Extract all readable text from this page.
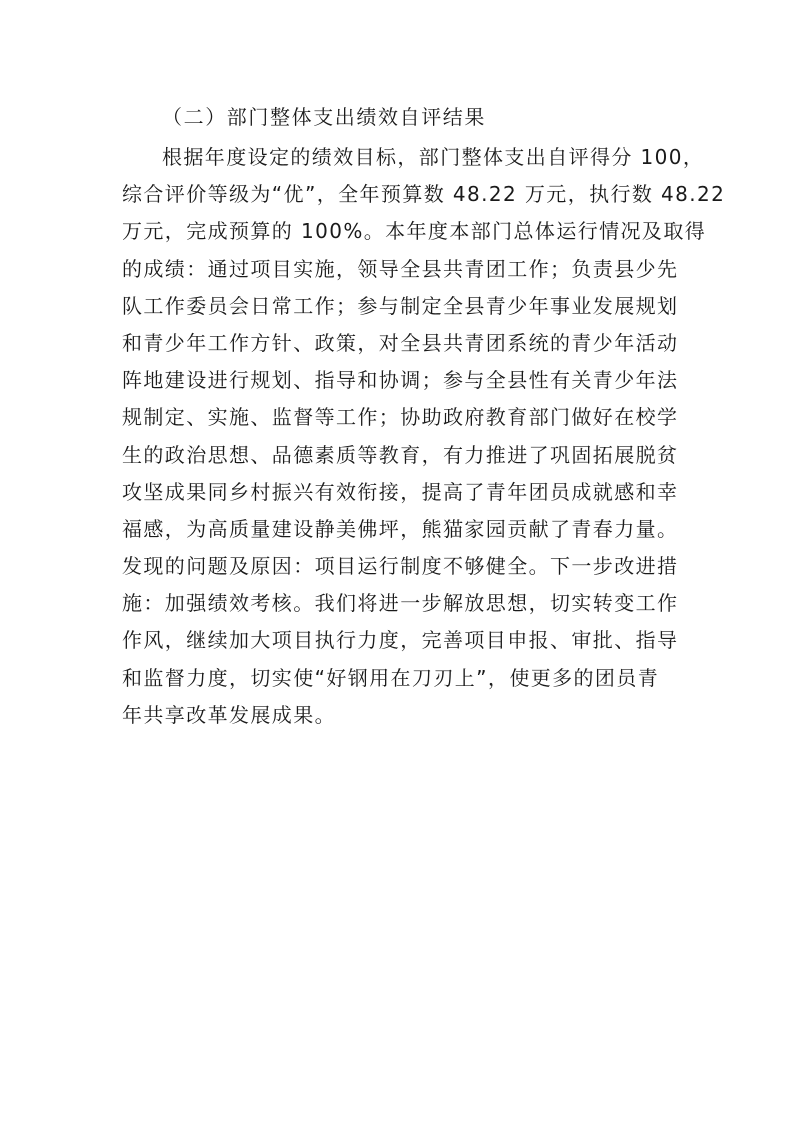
（二）部门整体支出绩效自评结果
根据年度设定的绩效目标，部门整体支出自评得分 100，
综合评价等级为“优”，全年预算数 48.22 万元，执行数 48.22
万元，完成预算的 100%。本年度本部门总体运行情况及取得
的成绩：通过项目实施，领导全县共青团工作；负责县少先
队工作委员会日常工作；参与制定全县青少年事业发展规划
和青少年工作方针、政策，对全县共青团系统的青少年活动
阵地建设进行规划、指导和协调；参与全县性有关青少年法
规制定、实施、监督等工作；协助政府教育部门做好在校学
生的政治思想、品德素质等教育，有力推进了巩固拓展脱贫
攻坚成果同乡村振兴有效衔接，提高了青年团员成就感和幸
福感，为高质量建设静美佛坪，熊猫家园贡献了青春力量。
发现的问题及原因：项目运行制度不够健全。下一步改进措
施：加强绩效考核。我们将进一步解放思想，切实转变工作
作风，继续加大项目执行力度，完善项目申报、审批、指导
和监督力度，切实使“好钢用在刀刃上”，使更多的团员青
年共享改革发展成果。
